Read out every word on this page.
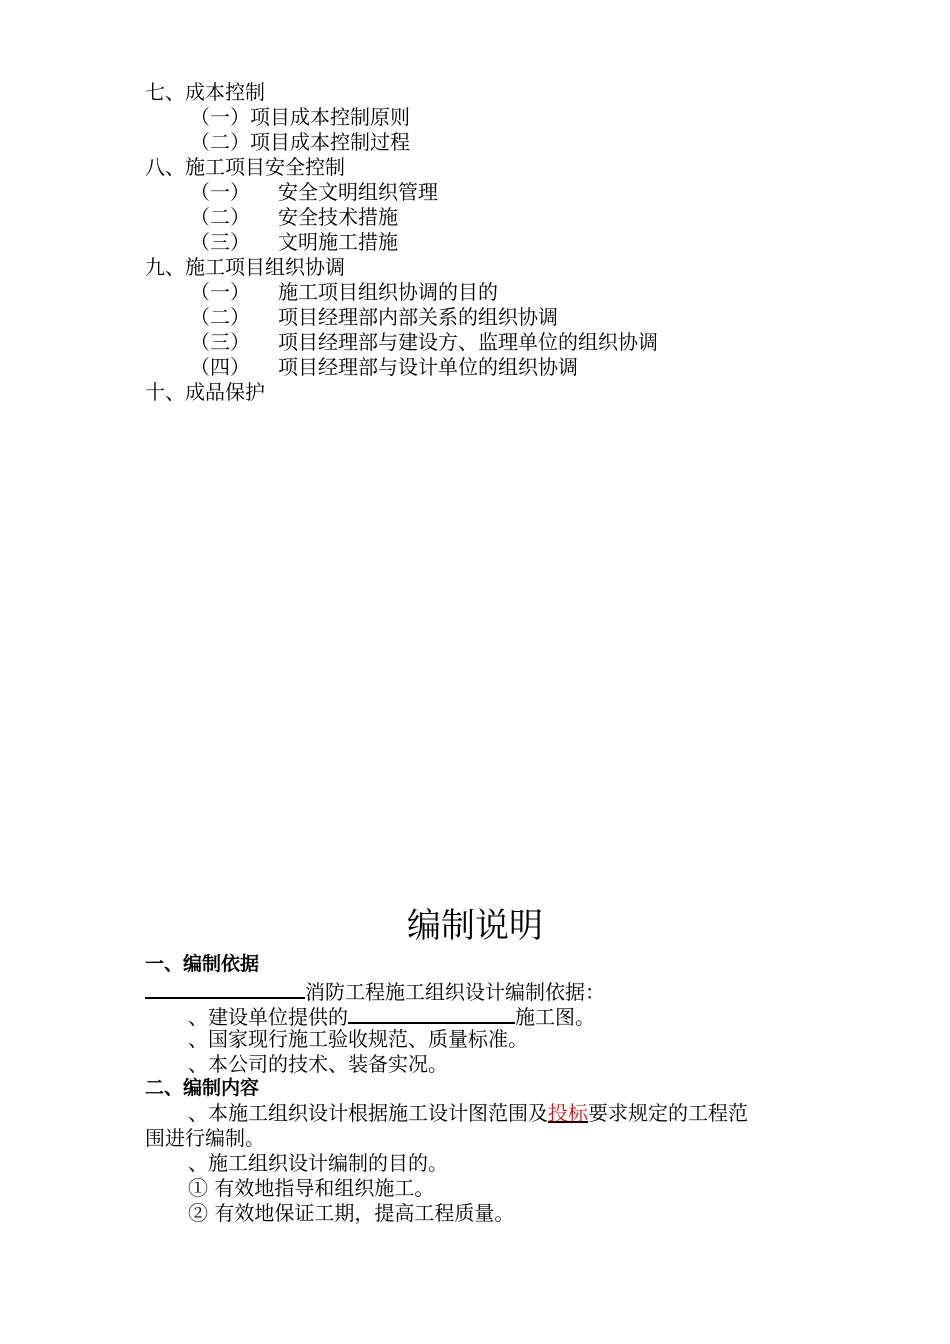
七、成本控制
（一）项目成本控制原则
（二）项目成本控制过程
八、施工项目安全控制
（一） 安全文明组织管理
（二） 安全技术措施
（三） 文明施工措施
九、施工项目组织协调
（一） 施工项目组织协调的目的
（二） 项目经理部内部关系的组织协调
（三） 项目经理部与建设方、监理单位的组织协调
（四） 项目经理部与设计单位的组织协调
十、成品保护
编制说明
一、编制依据
消防工程施工组织设计编制依据：
、建设单位提供的	施工图。
、国家现行施工验收规范、质量标准。
、本公司的技术、装备实况。
二、编制内容
、本施工组织设计根据施工设计图范围及投标要求规定的工程范
围进行编制。
、施工组织设计编制的目的。
① 有效地指导和组织施工。
② 有效地保证工期，提高工程质量。
